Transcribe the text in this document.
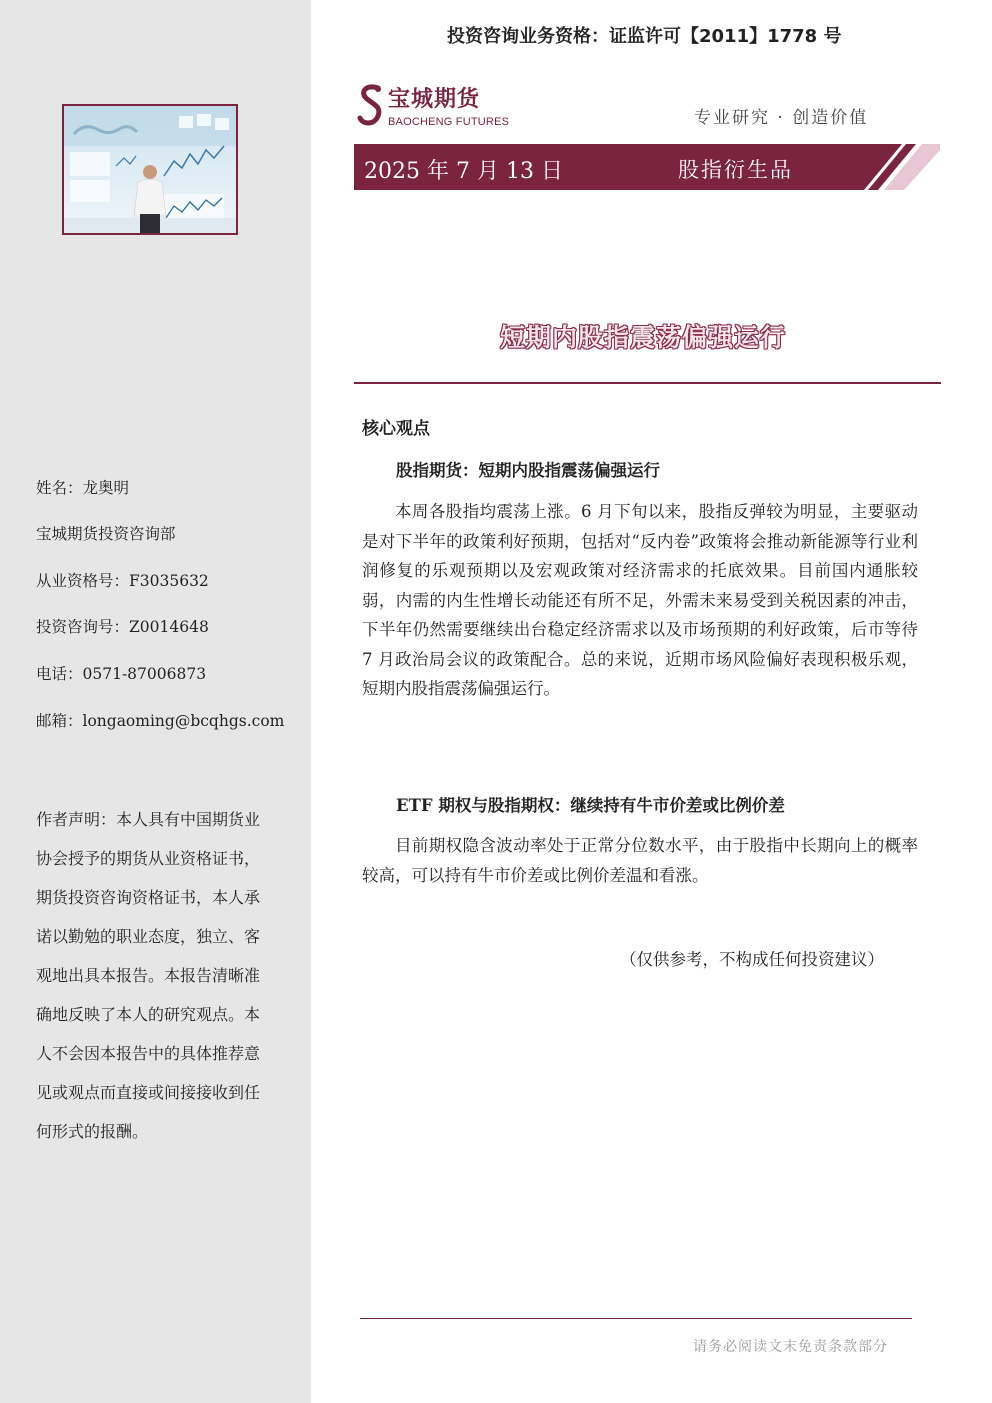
姓名：龙奥明
宝城期货投资咨询部
从业资格号：F3035632
投资咨询号：Z0014648
电话：0571-87006873
邮箱：longaoming@bcqhgs.com
作者声明：本人具有中国期货业协会授予的期货从业资格证书，期货投资咨询资格证书，本人承诺以勤勉的职业态度，独立、客观地出具本报告。本报告清晰准确地反映了本人的研究观点。本人不会因本报告中的具体推荐意见或观点而直接或间接接收到任何形式的报酬。
投资咨询业务资格：证监许可【2011】1778 号
宝城期货
BAOCHENG FUTURES	专业研究 · 创造价值
2025 年 7 月 13 日	股指衍生品
短期内股指震荡偏强运行
核心观点
股指期货：短期内股指震荡偏强运行

本周各股指均震荡上涨。6 月下旬以来，股指反弹较为明显，主要驱动是对下半年的政策利好预期，包括对“反内卷”政策将会推动新能源等行业利润修复的乐观预期以及宏观政策对经济需求的托底效果。目前国内通胀较弱，内需的内生性增长动能还有所不足，外需未来易受到关税因素的冲击，下半年仍然需要继续出台稳定经济需求以及市场预期的利好政策，后市等待 7 月政治局会议的政策配合。总的来说，近期市场风险偏好表现积极乐观，短期内股指震荡偏强运行。

ETF 期权与股指期权：继续持有牛市价差或比例价差

目前期权隐含波动率处于正常分位数水平，由于股指中长期向上的概率较高，可以持有牛市价差或比例价差温和看涨。

（仅供参考，不构成任何投资建议）
请务必阅读文末免责条款部分
